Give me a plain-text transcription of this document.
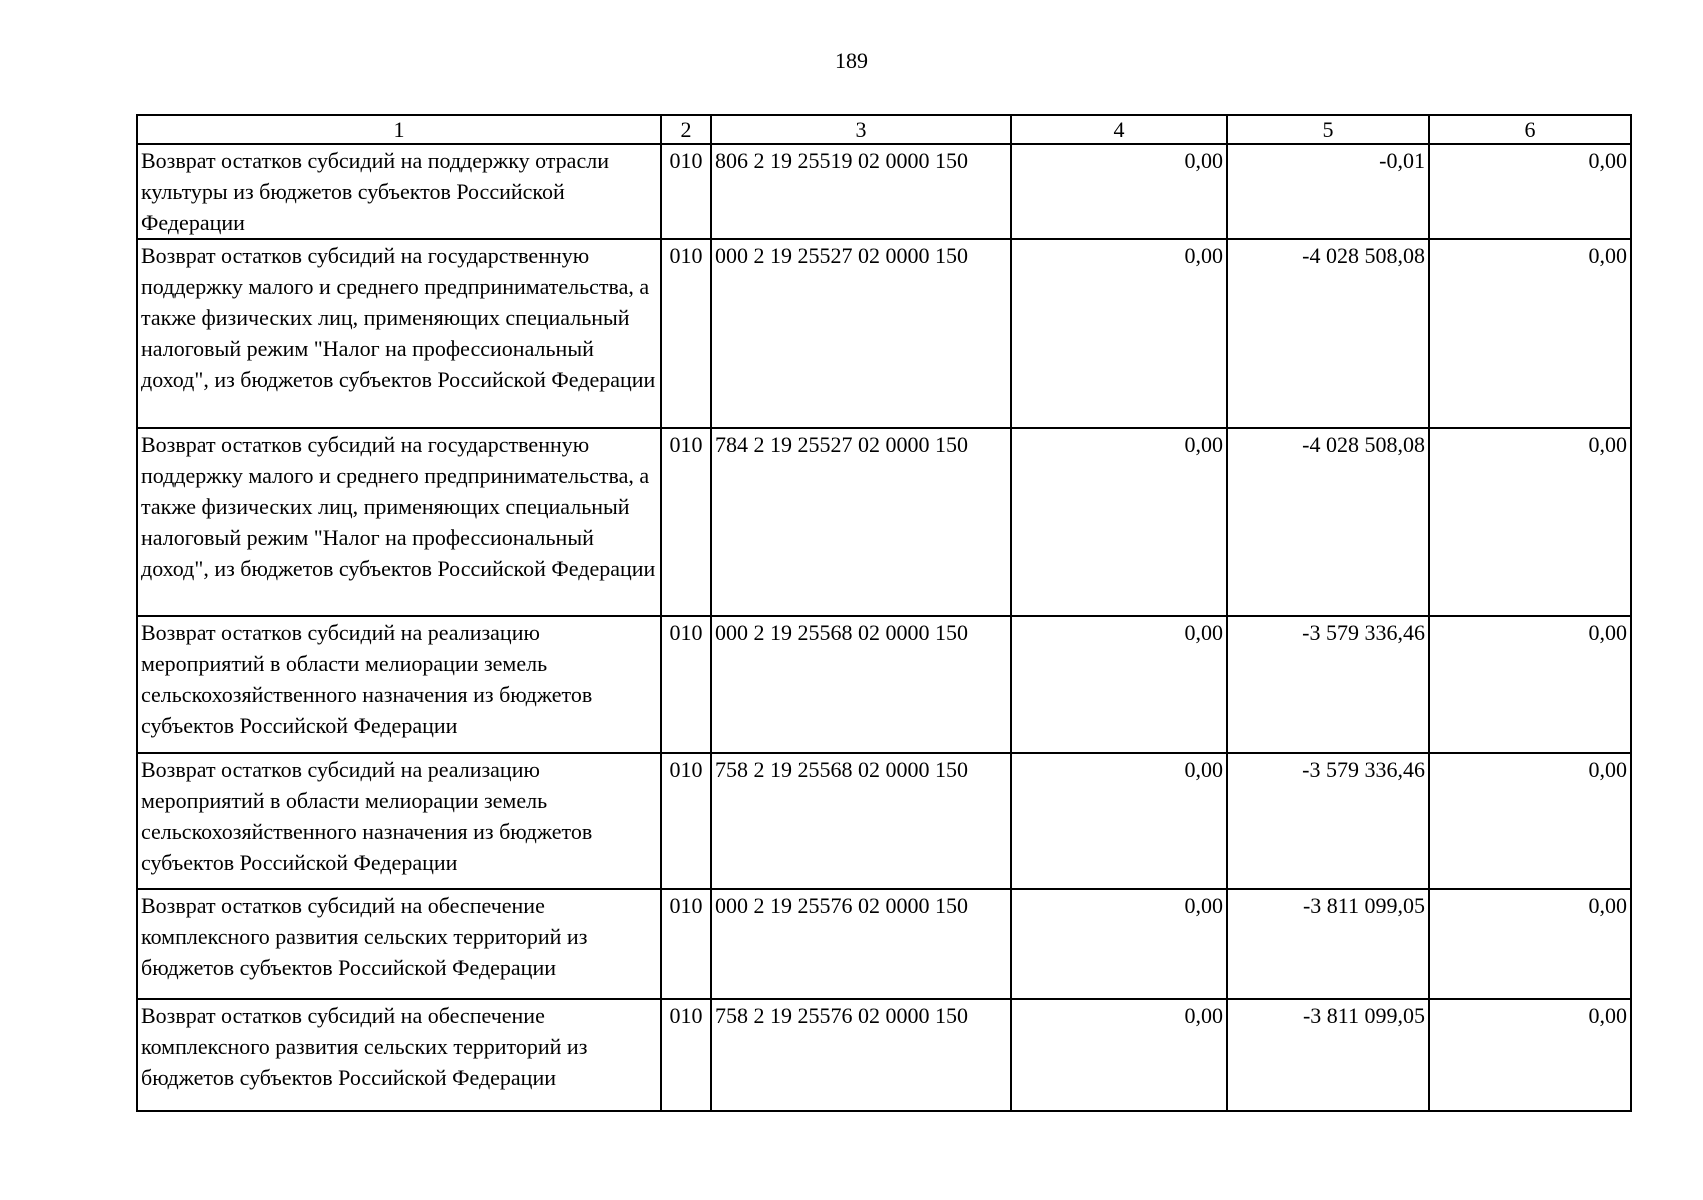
189
1	2	3	4	5	6
Возврат остатков субсидий на поддержку отрасли культуры из бюджетов субъектов Российской Федерации	010	806 2 19 25519 02 0000 150	0,00	-0,01	0,00
Возврат остатков субсидий на государственную поддержку малого и среднего предпринимательства, а также физических лиц, применяющих специальный налоговый режим "Налог на профессиональный доход", из бюджетов субъектов Российской Федерации	010	000 2 19 25527 02 0000 150	0,00	-4 028 508,08	0,00
Возврат остатков субсидий на государственную поддержку малого и среднего предпринимательства, а также физических лиц, применяющих специальный налоговый режим "Налог на профессиональный доход", из бюджетов субъектов Российской Федерации	010	784 2 19 25527 02 0000 150	0,00	-4 028 508,08	0,00
Возврат остатков субсидий на реализацию мероприятий в области мелиорации земель сельскохозяйственного назначения из бюджетов субъектов Российской Федерации	010	000 2 19 25568 02 0000 150	0,00	-3 579 336,46	0,00
Возврат остатков субсидий на реализацию мероприятий в области мелиорации земель сельскохозяйственного назначения из бюджетов субъектов Российской Федерации	010	758 2 19 25568 02 0000 150	0,00	-3 579 336,46	0,00
Возврат остатков субсидий на обеспечение комплексного развития сельских территорий из бюджетов субъектов Российской Федерации	010	000 2 19 25576 02 0000 150	0,00	-3 811 099,05	0,00
Возврат остатков субсидий на обеспечение комплексного развития сельских территорий из бюджетов субъектов Российской Федерации	010	758 2 19 25576 02 0000 150	0,00	-3 811 099,05	0,00
